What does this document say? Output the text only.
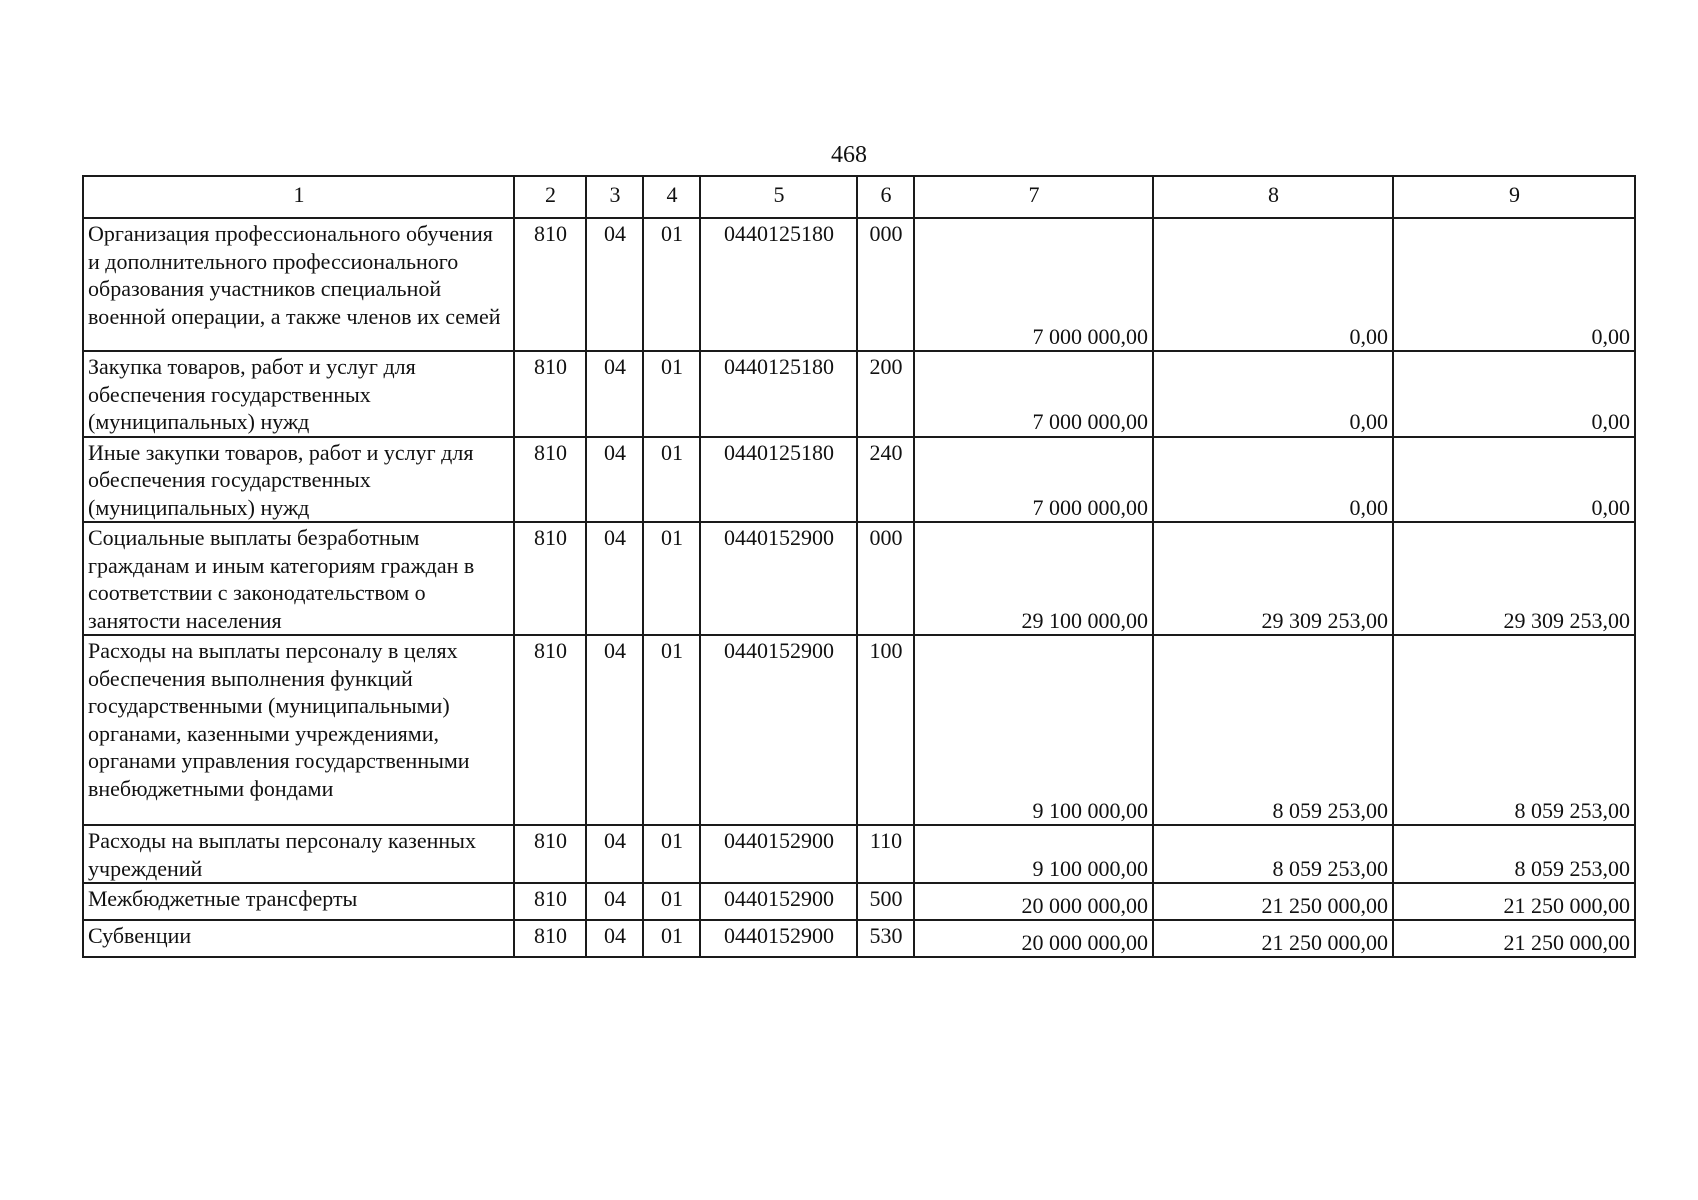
468
1	2	3	4	5	6	7	8	9
Организация профессионального обучения и дополнительного профессионального образования участников специальной военной операции, а также членов их семей	810	04	01	0440125180	000	7 000 000,00	0,00	0,00
Закупка товаров, работ и услуг для обеспечения государственных (муниципальных) нужд	810	04	01	0440125180	200	7 000 000,00	0,00	0,00
Иные закупки товаров, работ и услуг для обеспечения государственных (муниципальных) нужд	810	04	01	0440125180	240	7 000 000,00	0,00	0,00
Социальные выплаты безработным гражданам и иным категориям граждан в соответствии с законодательством о занятости населения	810	04	01	0440152900	000	29 100 000,00	29 309 253,00	29 309 253,00
Расходы на выплаты персоналу в целях обеспечения выполнения функций государственными (муниципальными) органами, казенными учреждениями, органами управления государственными внебюджетными фондами	810	04	01	0440152900	100	9 100 000,00	8 059 253,00	8 059 253,00
Расходы на выплаты персоналу казенных учреждений	810	04	01	0440152900	110	9 100 000,00	8 059 253,00	8 059 253,00
Межбюджетные трансферты	810	04	01	0440152900	500	20 000 000,00	21 250 000,00	21 250 000,00
Субвенции	810	04	01	0440152900	530	20 000 000,00	21 250 000,00	21 250 000,00
